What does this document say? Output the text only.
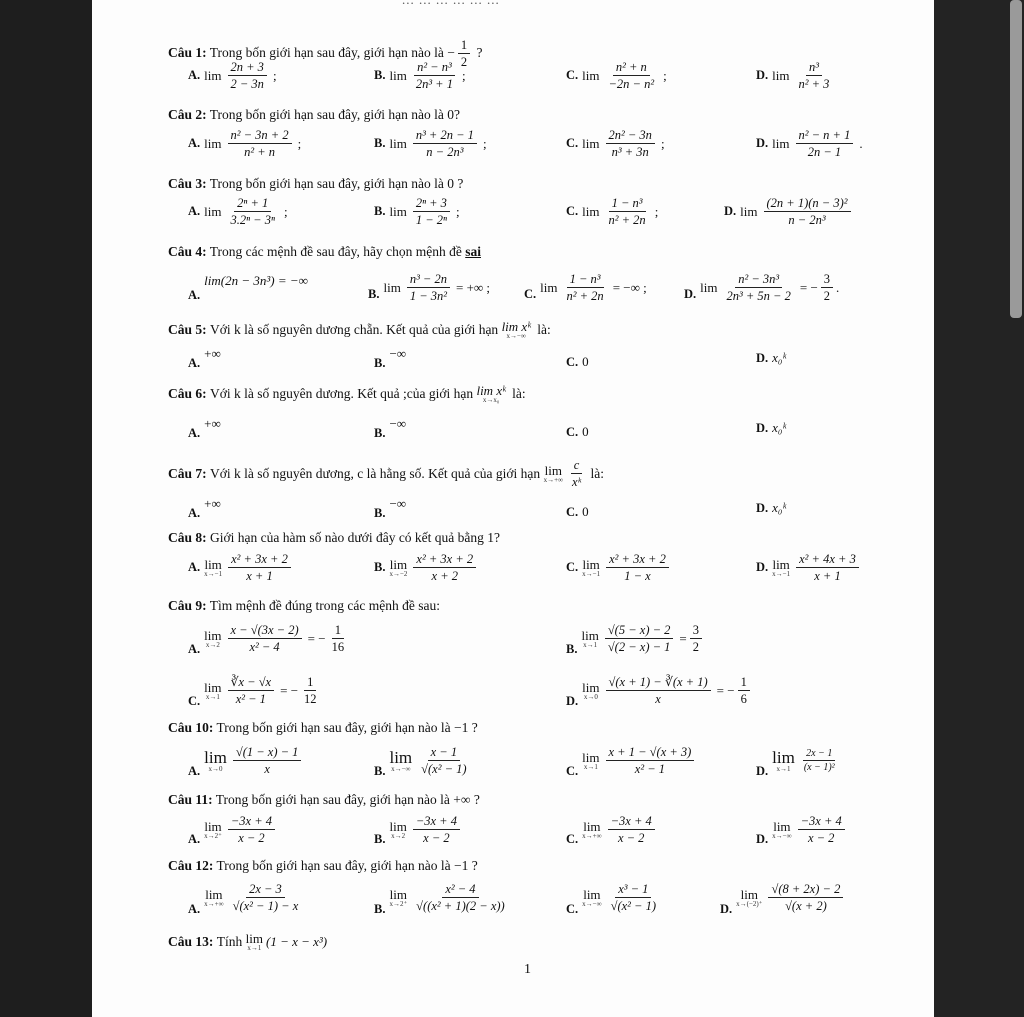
Câu 1: Trong bốn giới hạn sau đây, giới hạn nào là − $\frac{1}{2}$ ?
A. $\lim \frac{2n + 3}{2 - 3n}$ ;	B. $\lim \frac{\text{n² − n³}}{\text{2n³ + 1}}$ ;	C. $\lim \frac{\text{n² + n}}{\text{−2n − n²}}$ ;	D. $\lim \frac{\text{n³}}{\text{n² + 3}}$
Câu 2: Trong bốn giới hạn sau đây, giới hạn nào là 0?
A. $\lim \frac{\text{n² − 3n + 2}}{\text{n² + n}}$ ;	B. $\lim \frac{\text{n³ + 2n − 1}}{\text{n − 2n³}}$ ;	C. $\lim \frac{\text{2n² − 3n}}{\text{n³ + 3n}}$ ;	D. $\lim \frac{\text{n² − n + 1}}{2n - 1}$ .
Câu 3: Trong bốn giới hạn sau đây, giới hạn nào là 0 ?
A. $\lim \frac{\text{2ⁿ + 1}}{\text{3.2ⁿ − 3ⁿ}}$ ;	B. $\lim \frac{\text{2ⁿ + 3}}{\text{1 − 2ⁿ}}$ ;	C. $\lim \frac{\text{1 − n³}}{\text{n² + 2n}}$ ;	D. $\lim \frac{\text{(2n + 1)(n − 3)²}}{\text{n − 2n³}}$
Câu 4: Trong các mệnh đề sau đây, hãy chọn mệnh đề sai
A.
lim(2n − 3n³) = −∞
B. $\lim \frac{\text{n³ − 2n}}{\text{1 − 3n²}}$ = +∞ ;	C. $\lim \frac{\text{1 − n³}}{\text{n² + 2n}}$ = −∞ ;	D. $\lim \frac{\text{n² − 3n³}}{\text{2n³ + 5n − 2}}$ = − $\frac{3}{2}$ .
Câu 5:
Với k là số nguyên dương chẵn. Kết quả của giới hạn
lim xᵏ
x→−∞
là:
A.
+∞
B.
−∞
C. 0	D. x₀ᵏ
Câu 6:
Với k là số nguyên dương. Kết quả ;của giới hạn
lim xᵏ
x→x₀
là:
A.
+∞
B.
−∞
C. 0	D. x₀ᵏ
Câu 7:
Với k là số nguyên dương, c là hằng số. Kết quả của giới hạn
lim
$x\to+\infty \frac{c}{\text{xᵏ}}$
là:
A.
+∞
B.
−∞
C. 0	D. x₀ᵏ
Câu 8: Giới hạn của hàm số nào dưới đây có kết quả bằng 1?
A. lim
$x\to-1 \frac{\text{x² + 3x + 2}}{x + 1}$	B. lim
$x\to-2 \frac{\text{x² + 3x + 2}}{x + 2}$	C. lim
$x\to-1 \frac{\text{x² + 3x + 2}}{1 - x}$	D. lim
$x\to-1 \frac{\text{x² + 4x + 3}}{x + 1}$
Câu 9: Tìm mệnh đề đúng trong các mệnh đề sau:
A.
lim
$x\to 2 \frac{x - √(3x - 2)}{\text{x² − 4}}$ = − $\frac{1}{16}$	B.
lim
$x\to 1 \frac{√(5 - x) - 2}{√(2 - x) - 1} = \frac{3}{2}$
C.
lim
$x\to 1 \frac{∛x - √x}{\text{x² − 1}}$ = − $\frac{1}{12}$	D.
lim
$x\to 0 \frac{√(x + 1) - ∛(x + 1)}{x}$ = − $\frac{1}{6}$
Câu 10: Trong bốn giới hạn sau đây, giới hạn nào là −1 ?
A.
lim
$x\to 0 \frac{√(1 - x) - 1}{x}$	B.
lim
$x\to-\infty \frac{x - 1}{\text{√(x² − 1)}}$	C.
lim
$x\to 1 \frac{x + 1 - √(x + 3)}{\text{x² − 1}}$	D.
lim
$x\to 1 \frac{2x - 1}{\text{(x − 1)²}}$
Câu 11: Trong bốn giới hạn sau đây, giới hạn nào là +∞ ?
A.
lim
$x\to 2^+ \frac{-3x + 4}{x - 2}$	B.
lim
$x\to 2 \frac{-3x + 4}{x - 2}$	C.
lim
$x\to+\infty \frac{-3x + 4}{x - 2}$	D.
lim
$x\to-\infty \frac{-3x + 4}{x - 2}$
Câu 12: Trong bốn giới hạn sau đây, giới hạn nào là −1 ?
A.
lim
$x\to+\infty \frac{2x - 3}{\text{√(x² − 1) − x}}$	B.
lim
$x\to 2^+ \frac{\text{x² − 4}}{\text{√((x² + 1)(2 − x))}}$	C.
lim
$x\to-\infty \frac{\text{x³ − 1}}{\text{√(x² − 1)}}$	D.
lim
$x\to(-2)^+ \frac{√(8 + 2x) - 2}{√(x + 2)}$
Câu 13:
Tính
lim
x→1 (1 − x − x³)
1
